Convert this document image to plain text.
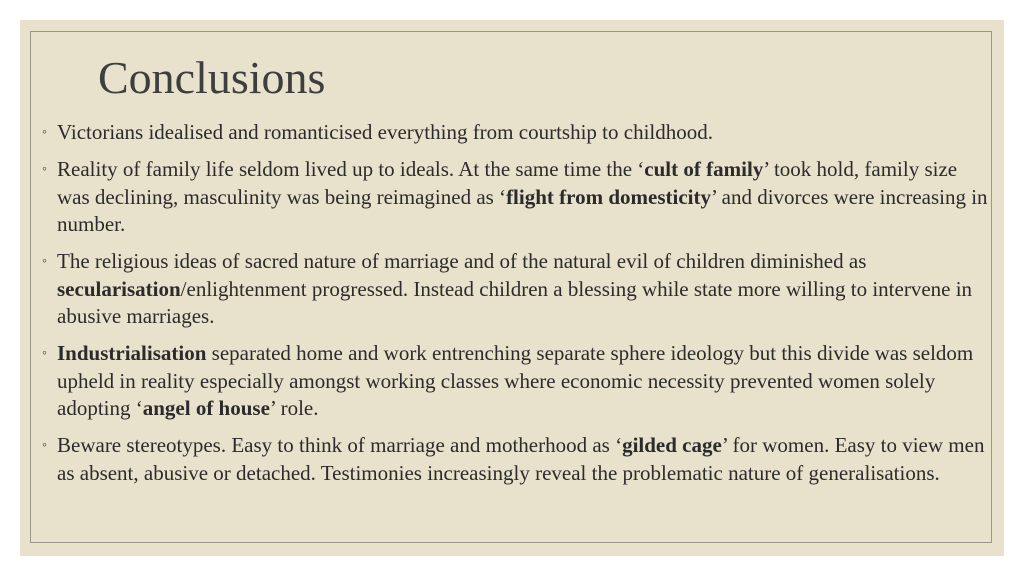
Conclusions
◦ Victorians idealised and romanticised everything from courtship to childhood.
◦ Reality of family life seldom lived up to ideals. At the same time the ‘cult of family’ took hold, family size was declining, masculinity was being reimagined as ‘flight from domesticity’ and divorces were increasing in number.
◦ The religious ideas of sacred nature of marriage and of the natural evil of children diminished as secularisation/enlightenment progressed. Instead children a blessing while state more willing to intervene in abusive marriages.
◦ Industrialisation separated home and work entrenching separate sphere ideology but this divide was seldom upheld in reality especially amongst working classes where economic necessity prevented women solely adopting ‘angel of house’ role.
◦ Beware stereotypes. Easy to think of marriage and motherhood as ‘gilded cage’ for women. Easy to view men as absent, abusive or detached. Testimonies increasingly reveal the problematic nature of generalisations.
